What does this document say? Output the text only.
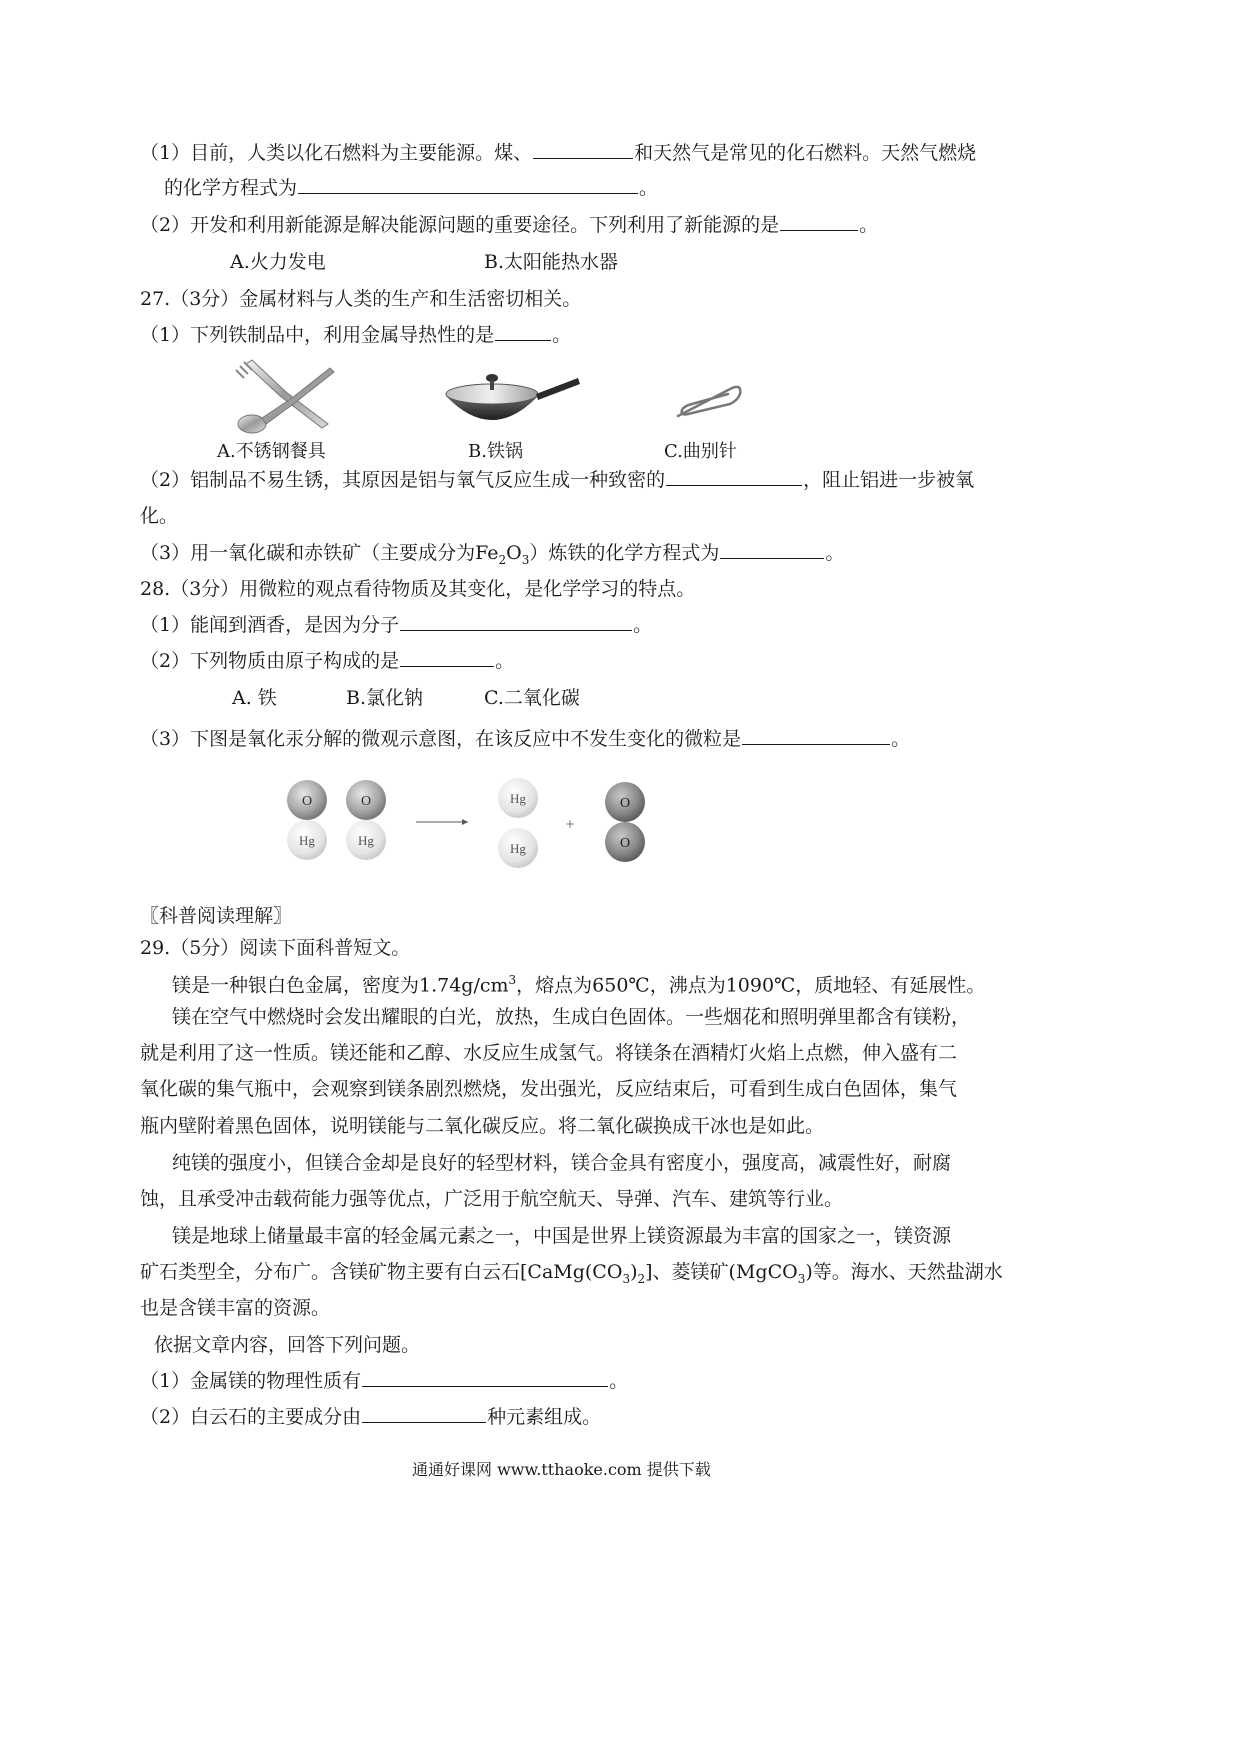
（1）目前，人类以化石燃料为主要能源。煤、	和天然气是常见的化石燃料。天然气燃烧
的化学方程式为	。
（2）开发和利用新能源是解决能源问题的重要途径。下列利用了新能源的是	。
A.火力发电	B.太阳能热水器
27.（3分）金属材料与人类的生产和生活密切相关。
（1）下列铁制品中，利用金属导热性的是	。
A.不锈钢餐具	B.铁锅	C.曲别针
（2）铝制品不易生锈，其原因是铝与氧气反应生成一种致密的	，阻止铝进一步被氧
化。
（3）用一氧化碳和赤铁矿（主要成分为$Fe_2O_3$）炼铁的化学方程式为	。
28.（3分）用微粒的观点看待物质及其变化，是化学学习的特点。
（1）能闻到酒香，是因为分子	。
（2）下列物质由原子构成的是	。
A. 铁	B.氯化钠	C.二氧化碳
（3）下图是氧化汞分解的微观示意图，在该反应中不发生变化的微粒是	。
O
Hg
O
Hg
Hg
Hg
+
O
O
〖科普阅读理解〗
29.（5分）阅读下面科普短文。
镁是一种银白色金属，密度为$1.74g/cm^3$，熔点为650℃，沸点为1090℃，质地轻、有延展性。
镁在空气中燃烧时会发出耀眼的白光，放热，生成白色固体。一些烟花和照明弹里都含有镁粉，
就是利用了这一性质。镁还能和乙醇、水反应生成氢气。将镁条在酒精灯火焰上点燃，伸入盛有二
氧化碳的集气瓶中，会观察到镁条剧烈燃烧，发出强光，反应结束后，可看到生成白色固体，集气
瓶内壁附着黑色固体，说明镁能与二氧化碳反应。将二氧化碳换成干冰也是如此。
纯镁的强度小，但镁合金却是良好的轻型材料，镁合金具有密度小，强度高，减震性好，耐腐
蚀，且承受冲击载荷能力强等优点，广泛用于航空航天、导弹、汽车、建筑等行业。
镁是地球上储量最丰富的轻金属元素之一，中国是世界上镁资源最为丰富的国家之一，镁资源
矿石类型全，分布广。含镁矿物主要有白云石$[CaMg(CO_3)_2]$、菱镁矿(MgCO$_3$)等。海水、天然盐湖水
也是含镁丰富的资源。
依据文章内容，回答下列问题。
（1）金属镁的物理性质有	。
（2）白云石的主要成分由	种元素组成。
通通好课网 www.tthaoke.com 提供下载
